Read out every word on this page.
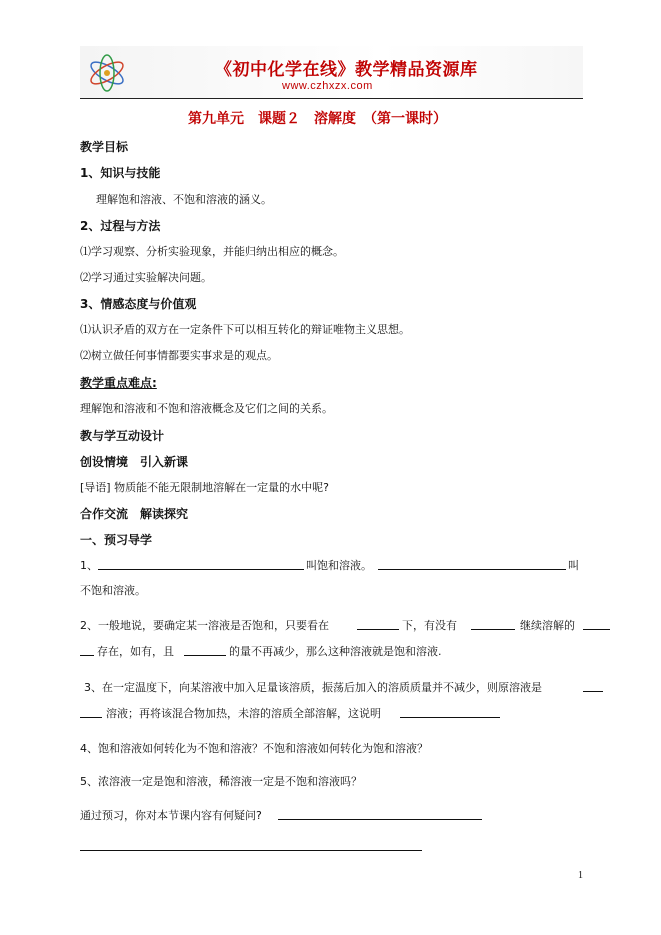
《初中化学在线》教学精品资源库
www.czhxzx.com
第九单元　课题２　溶解度　（第一课时）
教学目标
1、知识与技能
理解饱和溶液、不饱和溶液的涵义。
2、过程与方法
⑴学习观察、分析实验现象，并能归纳出相应的概念。
⑵学习通过实验解决问题。
3、情感态度与价值观
⑴认识矛盾的双方在一定条件下可以相互转化的辩证唯物主义思想。
⑵树立做任何事情都要实事求是的观点。
教学重点难点:
理解饱和溶液和不饱和溶液概念及它们之间的关系。
教与学互动设计
创设情境　引入新课
[导语] 物质能不能无限制地溶解在一定量的水中呢?
合作交流　解读探究
一、预习导学
1、	叫饱和溶液。	叫
不饱和溶液。
2、一般地说，要确定某一溶液是否饱和，只要看在	下，有没有	继续溶解的
存在，如有，且	的量不再减少，那么这种溶液就是饱和溶液.
3、在一定温度下，向某溶液中加入足量该溶质，振荡后加入的溶质质量并不减少，则原溶液是
溶液；再将该混合物加热，未溶的溶质全部溶解，这说明
4、饱和溶液如何转化为不饱和溶液？不饱和溶液如何转化为饱和溶液？
5、浓溶液一定是饱和溶液，稀溶液一定是不饱和溶液吗？
通过预习，你对本节课内容有何疑问?
1
